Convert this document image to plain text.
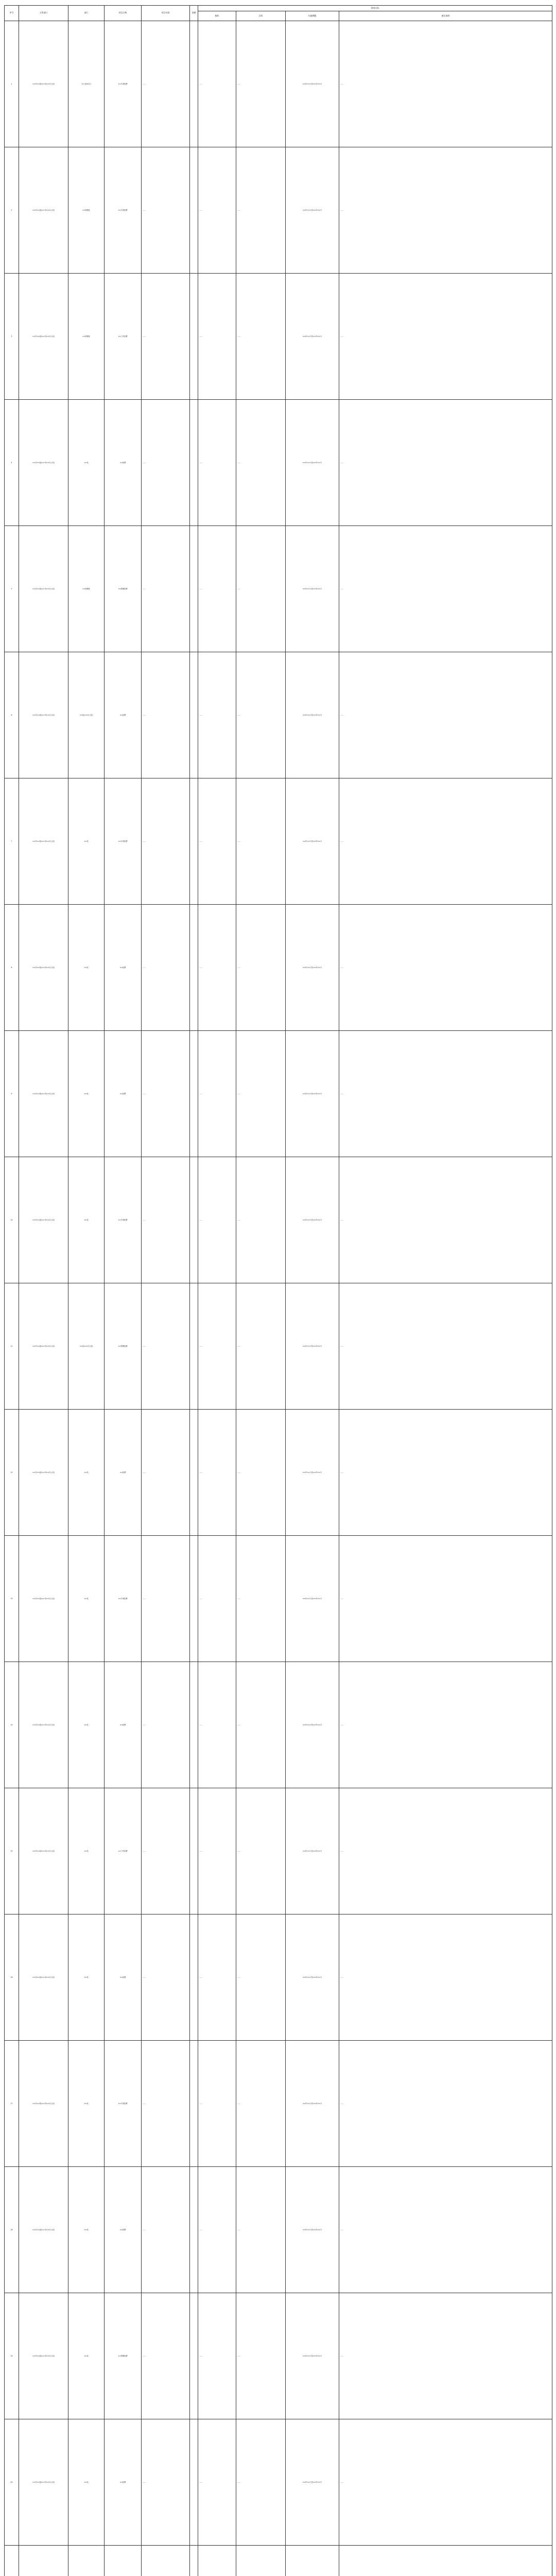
序号	主管部门	部门	项目名称	项目内容	金额	绩效目标			
						指标	目标	实施期限	备注说明
1	××市××局(××市××办公室)	办公室(综合)	××专项经费	……		……	……	××年××月至××年××月	……
2	××市××局(××市××办公室)	××管理处	××专项经费	……		……	……	××年××月至××年××月	……
3	××市××局(××市××办公室)	××管理处	××工作经费	……		……	……	××年××月至××年××月	……
4	××市××局(××市××办公室)	××处	××经费	……		……	……	××年××月至××年××月	……
5	××市××局(××市××办公室)	××管理处	××管理经费	……		……	……	××年××月至××年××月	……
6	××市××局(××市××办公室)	××处(××办公室)	××经费	……		……	……	××年××月至××年××月	……
7	××市××局(××市××办公室)	××处	××专项经费	……		……	……	××年××月至××年××月	……
8	××市××局(××市××办公室)	××处	××经费	……		……	……	××年××月至××年××月	……
9	××市××局(××市××办公室)	××处	××经费	……		……	……	××年××月至××年××月	……
10	××市××局(××市××办公室)	××处	××专项经费	……		……	……	××年××月至××年××月	……
11	××市××局(××市××办公室)	××处(××办公室)	××管理经费	……		……	……	××年××月至××年××月	……
12	××市××局(××市××办公室)	××处	××经费	……		……	……	××年××月至××年××月	……
13	××市××局(××市××办公室)	××处	××专项经费	……		……	……	××年××月至××年××月	……
14	××市××局(××市××办公室)	××处	××经费	……		……	……	××年××月至××年××月	……
15	××市××局(××市××办公室)	××处	××工作经费	……		……	……	××年××月至××年××月	……
16	××市××局(××市××办公室)	××处	××经费	……		……	……	××年××月至××年××月	……
17	××市××局(××市××办公室)	××处	××专项经费	……		……	……	××年××月至××年××月	……
18	××市××局(××市××办公室)	××处	××经费	……		……	……	××年××月至××年××月	……
19	××市××局(××市××办公室)	××处	××管理经费	……		……	……	××年××月至××年××月	……
20	××市××局(××市××办公室)	××处	××经费	……		……	……	××年××月至××年××月	……
